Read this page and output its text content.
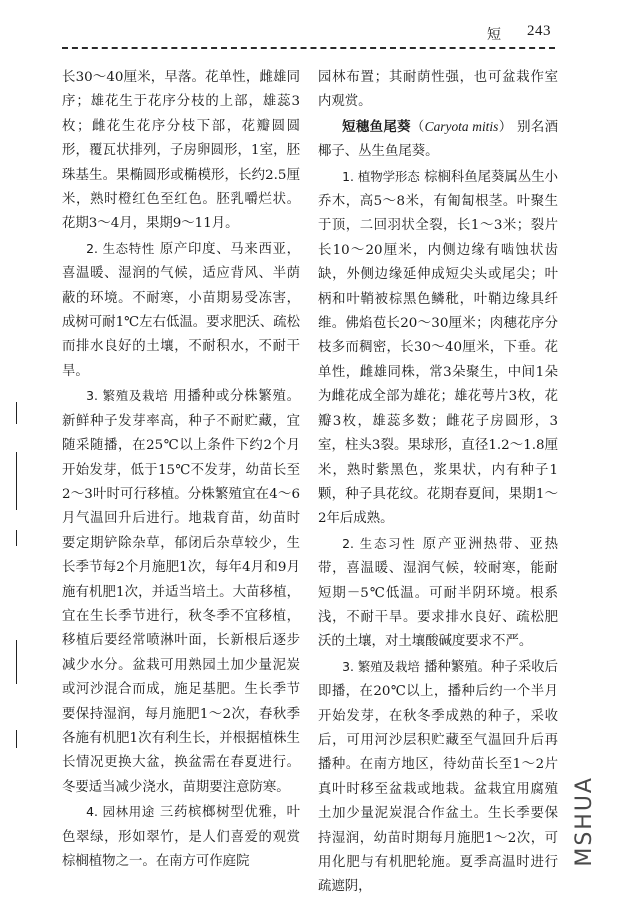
短 243

长30～40厘米，早落。花单性，雌雄同序；雄花生于花序分枝的上部，雄蕊3枚；雌花生花序分枝下部，花瓣圆圆形，覆瓦状排列，子房卵圆形，1室，胚珠基生。果椭圆形或椭模形，长约2.5厘米，熟时橙红色至红色。胚乳嚼烂状。花期3～4月，果期9～11月。

2. 生态特性 原产印度、马来西亚，喜温暖、湿润的气候，适应背风、半荫蔽的环境。不耐寒，小苗期易受冻害，成树可耐1℃左右低温。要求肥沃、疏松而排水良好的土壤，不耐积水，不耐干旱。

3. 繁殖及栽培 用播种或分株繁殖。新鲜种子发芽率高，种子不耐贮藏，宜随采随播，在25℃以上条件下约2个月开始发芽，低于15℃不发芽，幼苗长至2～3叶时可行移植。分株繁殖宜在4～6月气温回升后进行。地栽育苗，幼苗时要定期铲除杂草，郁闭后杂草较少，生长季节每2个月施肥1次，每年4月和9月施有机肥1次，并适当培土。大苗移植，宜在生长季节进行，秋冬季不宜移植，移植后要经常喷淋叶面，长新根后逐步减少水分。盆栽可用熟园土加少量泥炭或河沙混合而成，施足基肥。生长季节要保持湿润，每月施肥1～2次，春秋季各施有机肥1次有利生长，并根据植株生长情况更换大盆，换盆需在春夏进行。冬要适当减少浇水，苗期要注意防寒。

4. 园林用途 三药槟榔树型优雅，叶色翠绿，形如翠竹，是人们喜爱的观赏棕榈植物之一。在南方可作庭院

园林布置；其耐荫性强，也可盆栽作室内观赏。

短穗鱼尾葵（Caryota mitis） 别名酒椰子、丛生鱼尾葵。

1. 植物学形态 棕榈科鱼尾葵属丛生小乔木，高5～8米，有匍匐根茎。叶聚生于顶，二回羽状全裂，长1～3米；裂片长10～20厘米，内侧边缘有啮蚀状齿缺，外侧边缘延伸成短尖头或尾尖；叶柄和叶鞘被棕黑色鳞秕，叶鞘边缘具纤维。佛焰苞长20～30厘米；肉穗花序分枝多而稠密，长30～40厘米，下垂。花单性，雌雄同株，常3朵聚生，中间1朵为雌花成全部为雄花；雄花萼片3枚，花瓣3枚，雄蕊多数；雌花子房圆形，3室，柱头3裂。果球形，直径1.2～1.8厘米，熟时紫黑色，浆果状，内有种子1颗，种子具花纹。花期春夏间，果期1～2年后成熟。

2. 生态习性 原产亚洲热带、亚热带，喜温暖、湿润气候，较耐寒，能耐短期－5℃低温。可耐半阴环境。根系浅，不耐干旱。要求排水良好、疏松肥沃的土壤，对土壤酸碱度要求不严。

3. 繁殖及栽培 播种繁殖。种子采收后即播，在20℃以上，播种后约一个半月开始发芽，在秋冬季成熟的种子，采收后，可用河沙层积贮藏至气温回升后再播种。在南方地区，待幼苗长至1～2片真叶时移至盆栽或地栽。盆栽宜用腐殖土加少量泥炭混合作盆土。生长季要保持湿润，幼苗时期每月施肥1～2次，可用化肥与有机肥轮施。夏季高温时进行疏遮阴，

MSHUA
